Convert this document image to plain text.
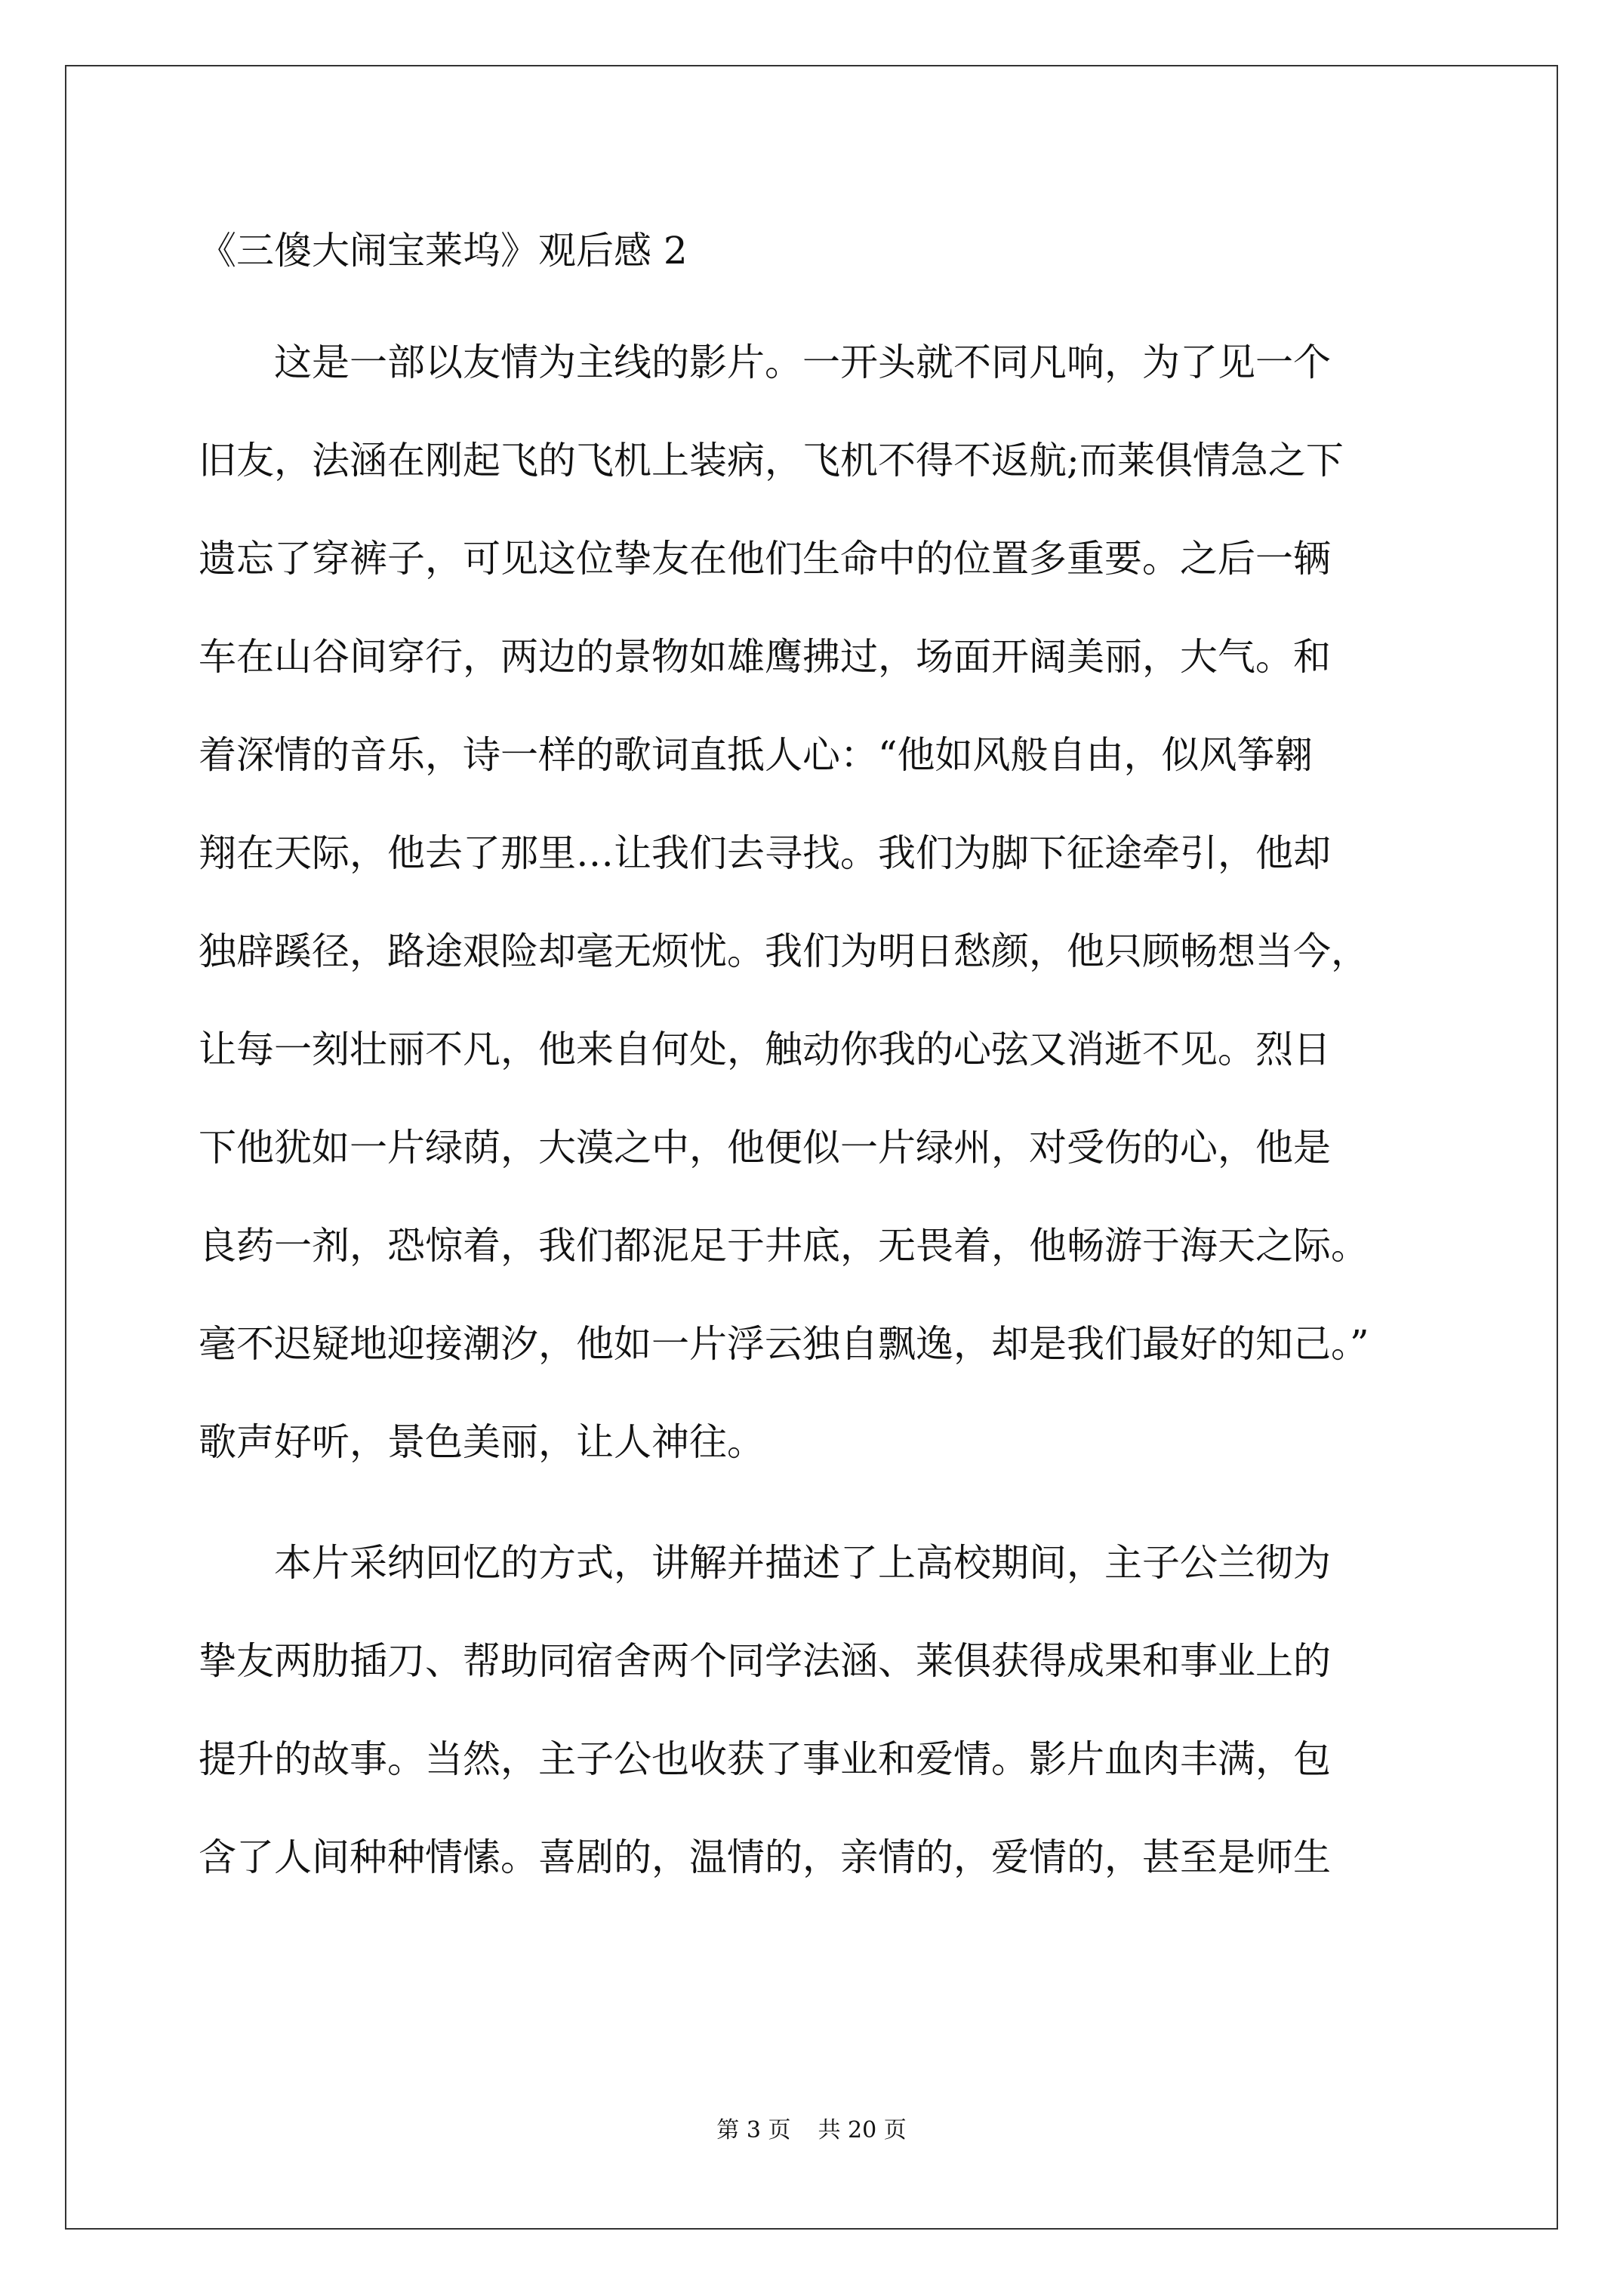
《三傻大闹宝莱坞》观后感 2
这是一部以友情为主线的影片。一开头就不同凡响，为了见一个
旧友，法涵在刚起飞的飞机上装病，飞机不得不返航;而莱俱情急之下
遗忘了穿裤子，可见这位挚友在他们生命中的位置多重要。之后一辆
车在山谷间穿行，两边的景物如雄鹰拂过，场面开阔美丽，大气。和
着深情的音乐，诗一样的歌词直抵人心：“他如风般自由，似风筝翱
翔在天际，他去了那里…让我们去寻找。我们为脚下征途牵引，他却
独辟蹊径，路途艰险却毫无烦忧。我们为明日愁颜，他只顾畅想当今，
让每一刻壮丽不凡，他来自何处，触动你我的心弦又消逝不见。烈日
下他犹如一片绿荫，大漠之中，他便似一片绿州，对受伤的心，他是
良药一剂，恐惊着，我们都泥足于井底，无畏着，他畅游于海天之际。
毫不迟疑地迎接潮汐，他如一片浮云独自飘逸，却是我们最好的知己。”
歌声好听，景色美丽，让人神往。
本片采纳回忆的方式，讲解并描述了上高校期间，主子公兰彻为
挚友两肋插刀、帮助同宿舍两个同学法涵、莱俱获得成果和事业上的
提升的故事。当然，主子公也收获了事业和爱情。影片血肉丰满，包
含了人间种种情愫。喜剧的，温情的，亲情的，爱情的，甚至是师生
第 3 页 共 20 页
